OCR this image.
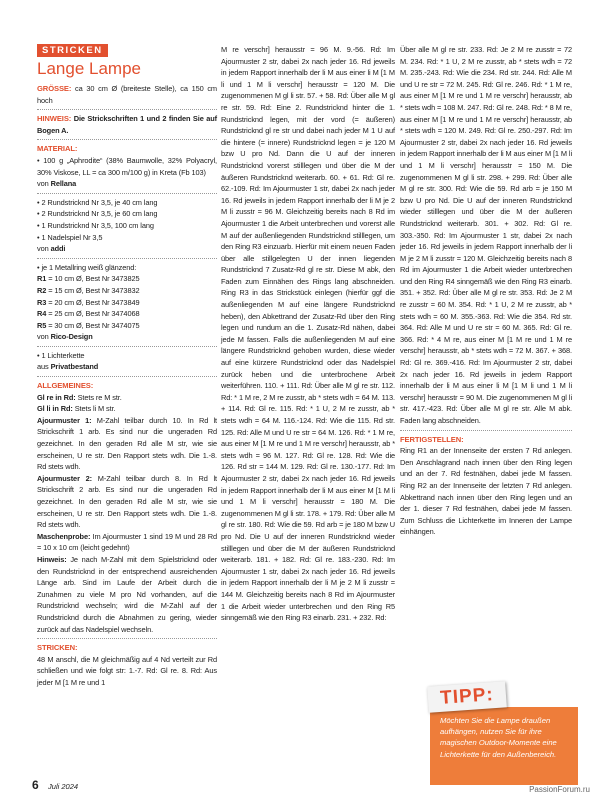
STRICKEN
Lange Lampe

GRÖSSE: ca 30 cm Ø (breiteste Stelle), ca 150 cm hoch

HINWEIS: Die Strickschriften 1 und 2 finden Sie auf Bogen A.

MATERIAL:

• 100 g „Aphrodite“ (38% Baumwolle, 32% Polyacryl, 30% Viskose, LL = ca 300 m/100 g) in Kreta (Fb 103)

von Rellana

• 2 Rundstricknd Nr 3,5, je 40 cm lang

• 2 Rundstricknd Nr 3,5, je 60 cm lang

• 1 Rundstricknd Nr 3,5, 100 cm lang

• 1 Nadelspiel Nr 3,5

von addi

• je 1 Metallring weiß glänzend:

R1 = 10 cm Ø, Best Nr 3473825

R2 = 15 cm Ø, Best Nr 3473832

R3 = 20 cm Ø, Best Nr 3473849

R4 = 25 cm Ø, Best Nr 3474068

R5 = 30 cm Ø, Best Nr 3474075

von Rico-Design

• 1 Lichterkette

aus Privatbestand

ALLGEMEINES:

Gl re in Rd: Stets re M str.

Gl li in Rd: Stets li M str.

Ajourmuster 1: M-Zahl teilbar durch 10. In Rd lt Strickschrift 1 arb. Es sind nur die ungeraden Rd gezeichnet. In den geraden Rd alle M str, wie sie erscheinen, U re str. Den Rapport stets wdh. Die 1.-8. Rd stets wdh.

Ajourmuster 2: M-Zahl teilbar durch 8. In Rd lt Strickschrift 2 arb. Es sind nur die ungeraden Rd gezeichnet. In den geraden Rd alle M str, wie sie erscheinen, U re str. Den Rapport stets wdh. Die 1.-8. Rd stets wdh.

Maschenprobe: Im Ajourmuster 1 sind 19 M und 28 Rd = 10 x 10 cm (leicht gedehnt)

Hinweis: Je nach M-Zahl mit dem Spielstricknd oder den Rundstricknd in der entsprechend ausreichenden Länge arb. Sind im Laufe der Arbeit durch die Zunahmen zu viele M pro Nd vorhanden, auf die Rundstricknd wechseln; wird die M-Zahl auf der Rundstricknd durch die Abnahmen zu gering, wieder zurück auf das Nadelspiel wechseln.

STRICKEN:

48 M anschl, die M gleichmäßig auf 4 Nd verteilt zur Rd schließen und wie folgt str: 1.-7. Rd: Gl re. 8. Rd: Aus jeder M [1 M re und 1

M re verschr] herausstr = 96 M. 9.-56. Rd: Im Ajourmuster 2 str, dabei 2x nach jeder 16. Rd jeweils in jedem Rapport innerhalb der li M aus einer li M [1 M li und 1 M li verschr] herausstr = 120 M. Die zugenommenen M gl li str. 57. + 58. Rd: Über alle M gl re str. 59. Rd: Eine 2. Rundstricknd hinter die 1. Rundstricknd legen, mit der vord (= äußeren) Rundstricknd gl re str und dabei nach jeder M 1 U auf die hintere (= innere) Rundstricknd legen = je 120 M bzw U pro Nd. Dann die U auf der inneren Rundstricknd vorerst stilllegen und über die M der äußeren Rundstricknd weiterarb. 60. + 61. Rd: Gl re. 62.-109. Rd: Im Ajourmuster 1 str, dabei 2x nach jeder 16. Rd jeweils in jedem Rapport innerhalb der li M je 2 M li zusstr = 96 M. Gleichzeitig bereits nach 8 Rd im Ajourmuster 1 die Arbeit unterbrechen und vorerst alle M auf der außenliegenden Rundstricknd stilllegen, um den Ring R3 einzuarb. Hierfür mit einem neuen Faden über alle stillgelegten U der innen liegenden Rundstricknd 7 Zusatz-Rd gl re str. Diese M abk, den Faden zum Einnähen des Rings lang abschneiden. Ring R3 in das Strickstück einlegen (hierfür ggf die außenliegenden M auf eine längere Rundstricknd heben), den Abkettrand der Zusatz-Rd über den Ring legen und rundum an die 1. Zusatz-Rd nähen, dabei jede M fassen. Falls die außenliegenden M auf eine längere Rundstricknd gehoben wurden, diese wieder auf eine kürzere Rundstricknd oder das Nadelspiel zurück heben und die unterbrochene Arbeit weiterführen. 110. + 111. Rd: Über alle M gl re str. 112. Rd: * 1 M re, 2 M re zusstr, ab * stets wdh = 64 M. 113. + 114. Rd: Gl re. 115. Rd: * 1 U, 2 M re zusstr, ab * stets wdh = 64 M. 116.-124. Rd: Wie die 115. Rd str. 125. Rd: Alle M und U re str = 64 M. 126. Rd: * 1 M re, aus einer M [1 M re und 1 M re verschr] herausstr, ab * stets wdh = 96 M. 127. Rd: Gl re. 128. Rd: Wie die 126. Rd str = 144 M. 129. Rd: Gl re. 130.-177. Rd: Im Ajourmuster 2 str, dabei 2x nach jeder 16. Rd jeweils in jedem Rapport innerhalb der li M aus einer M [1 M li und 1 M li verschr] herausstr = 180 M. Die zugenommenen M gl li str. 178. + 179. Rd: Über alle M gl re str. 180. Rd: Wie die 59. Rd arb = je 180 M bzw U pro Nd. Die U auf der inneren Rundstricknd wieder stilllegen und über die M der äußeren Rundstricknd weiterarb. 181. + 182. Rd: Gl re. 183.-230. Rd: Im Ajourmuster 1 str, dabei 2x nach jeder 16. Rd jeweils in jedem Rapport innerhalb der li M je 2 M li zusstr = 144 M. Gleichzeitig bereits nach 8 Rd im Ajourmuster 1 die Arbeit wieder unterbrechen und den Ring R5 sinngemäß wie den Ring R3 einarb. 231. + 232. Rd:

Über alle M gl re str. 233. Rd: Je 2 M re zusstr = 72 M. 234. Rd: * 1 U, 2 M re zusstr, ab * stets wdh = 72 M. 235.-243. Rd: Wie die 234. Rd str. 244. Rd: Alle M und U re str = 72 M. 245. Rd: Gl re. 246. Rd: * 1 M re, aus einer M [1 M re und 1 M re verschr] herausstr, ab * stets wdh = 108 M. 247. Rd: Gl re. 248. Rd: * 8 M re, aus einer M [1 M re und 1 M re verschr] herausstr, ab * stets wdh = 120 M. 249. Rd: Gl re. 250.-297. Rd: Im Ajourmuster 2 str, dabei 2x nach jeder 16. Rd jeweils in jedem Rapport innerhalb der li M aus einer M [1 M li und 1 M li verschr] herausstr = 150 M. Die zugenommenen M gl li str. 298. + 299. Rd: Über alle M gl re str. 300. Rd: Wie die 59. Rd arb = je 150 M bzw U pro Nd. Die U auf der inneren Rundstricknd wieder stilllegen und über die M der äußeren Rundstricknd weiterarb. 301. + 302. Rd: Gl re. 303.-350. Rd: Im Ajourmuster 1 str, dabei 2x nach jeder 16. Rd jeweils in jedem Rapport innerhalb der li M je 2 M li zusstr = 120 M. Gleichzeitig bereits nach 8 Rd im Ajourmuster 1 die Arbeit wieder unterbrechen und den Ring R4 sinngemäß wie den Ring R3 einarb. 351. + 352. Rd: Über alle M gl re str. 353. Rd: Je 2 M re zusstr = 60 M. 354. Rd: * 1 U, 2 M re zusstr, ab * stets wdh = 60 M. 355.-363. Rd: Wie die 354. Rd str. 364. Rd: Alle M und U re str = 60 M. 365. Rd: Gl re. 366. Rd: * 4 M re, aus einer M [1 M re und 1 M re verschr] herausstr, ab * stets wdh = 72 M. 367. + 368. Rd: Gl re. 369.-416. Rd: Im Ajourmuster 2 str, dabei 2x nach jeder 16. Rd jeweils in jedem Rapport innerhalb der li M aus einer li M [1 M li und 1 M li verschr] herausstr = 90 M. Die zugenommenen M gl li str. 417.-423. Rd: Über alle M gl re str. Alle M abk. Faden lang abschneiden.

FERTIGSTELLEN:

Ring R1 an der Innenseite der ersten 7 Rd anlegen. Den Anschlagrand nach innen über den Ring legen und an der 7. Rd festnähen, dabei jede M fassen. Ring R2 an der Innenseite der letzten 7 Rd anlegen. Abkettrand nach innen über den Ring legen und an der 1. dieser 7 Rd festnähen, dabei jede M fassen. Zum Schluss die Lichterkette im Inneren der Lampe einhängen.

TIPP:
Möchten Sie die Lampe draußen aufhängen, nutzen Sie für ihre magischen Outdoor-Momente eine Lichterkette für den Außenbereich.
6 Juli 2024	PassionForum.ru
